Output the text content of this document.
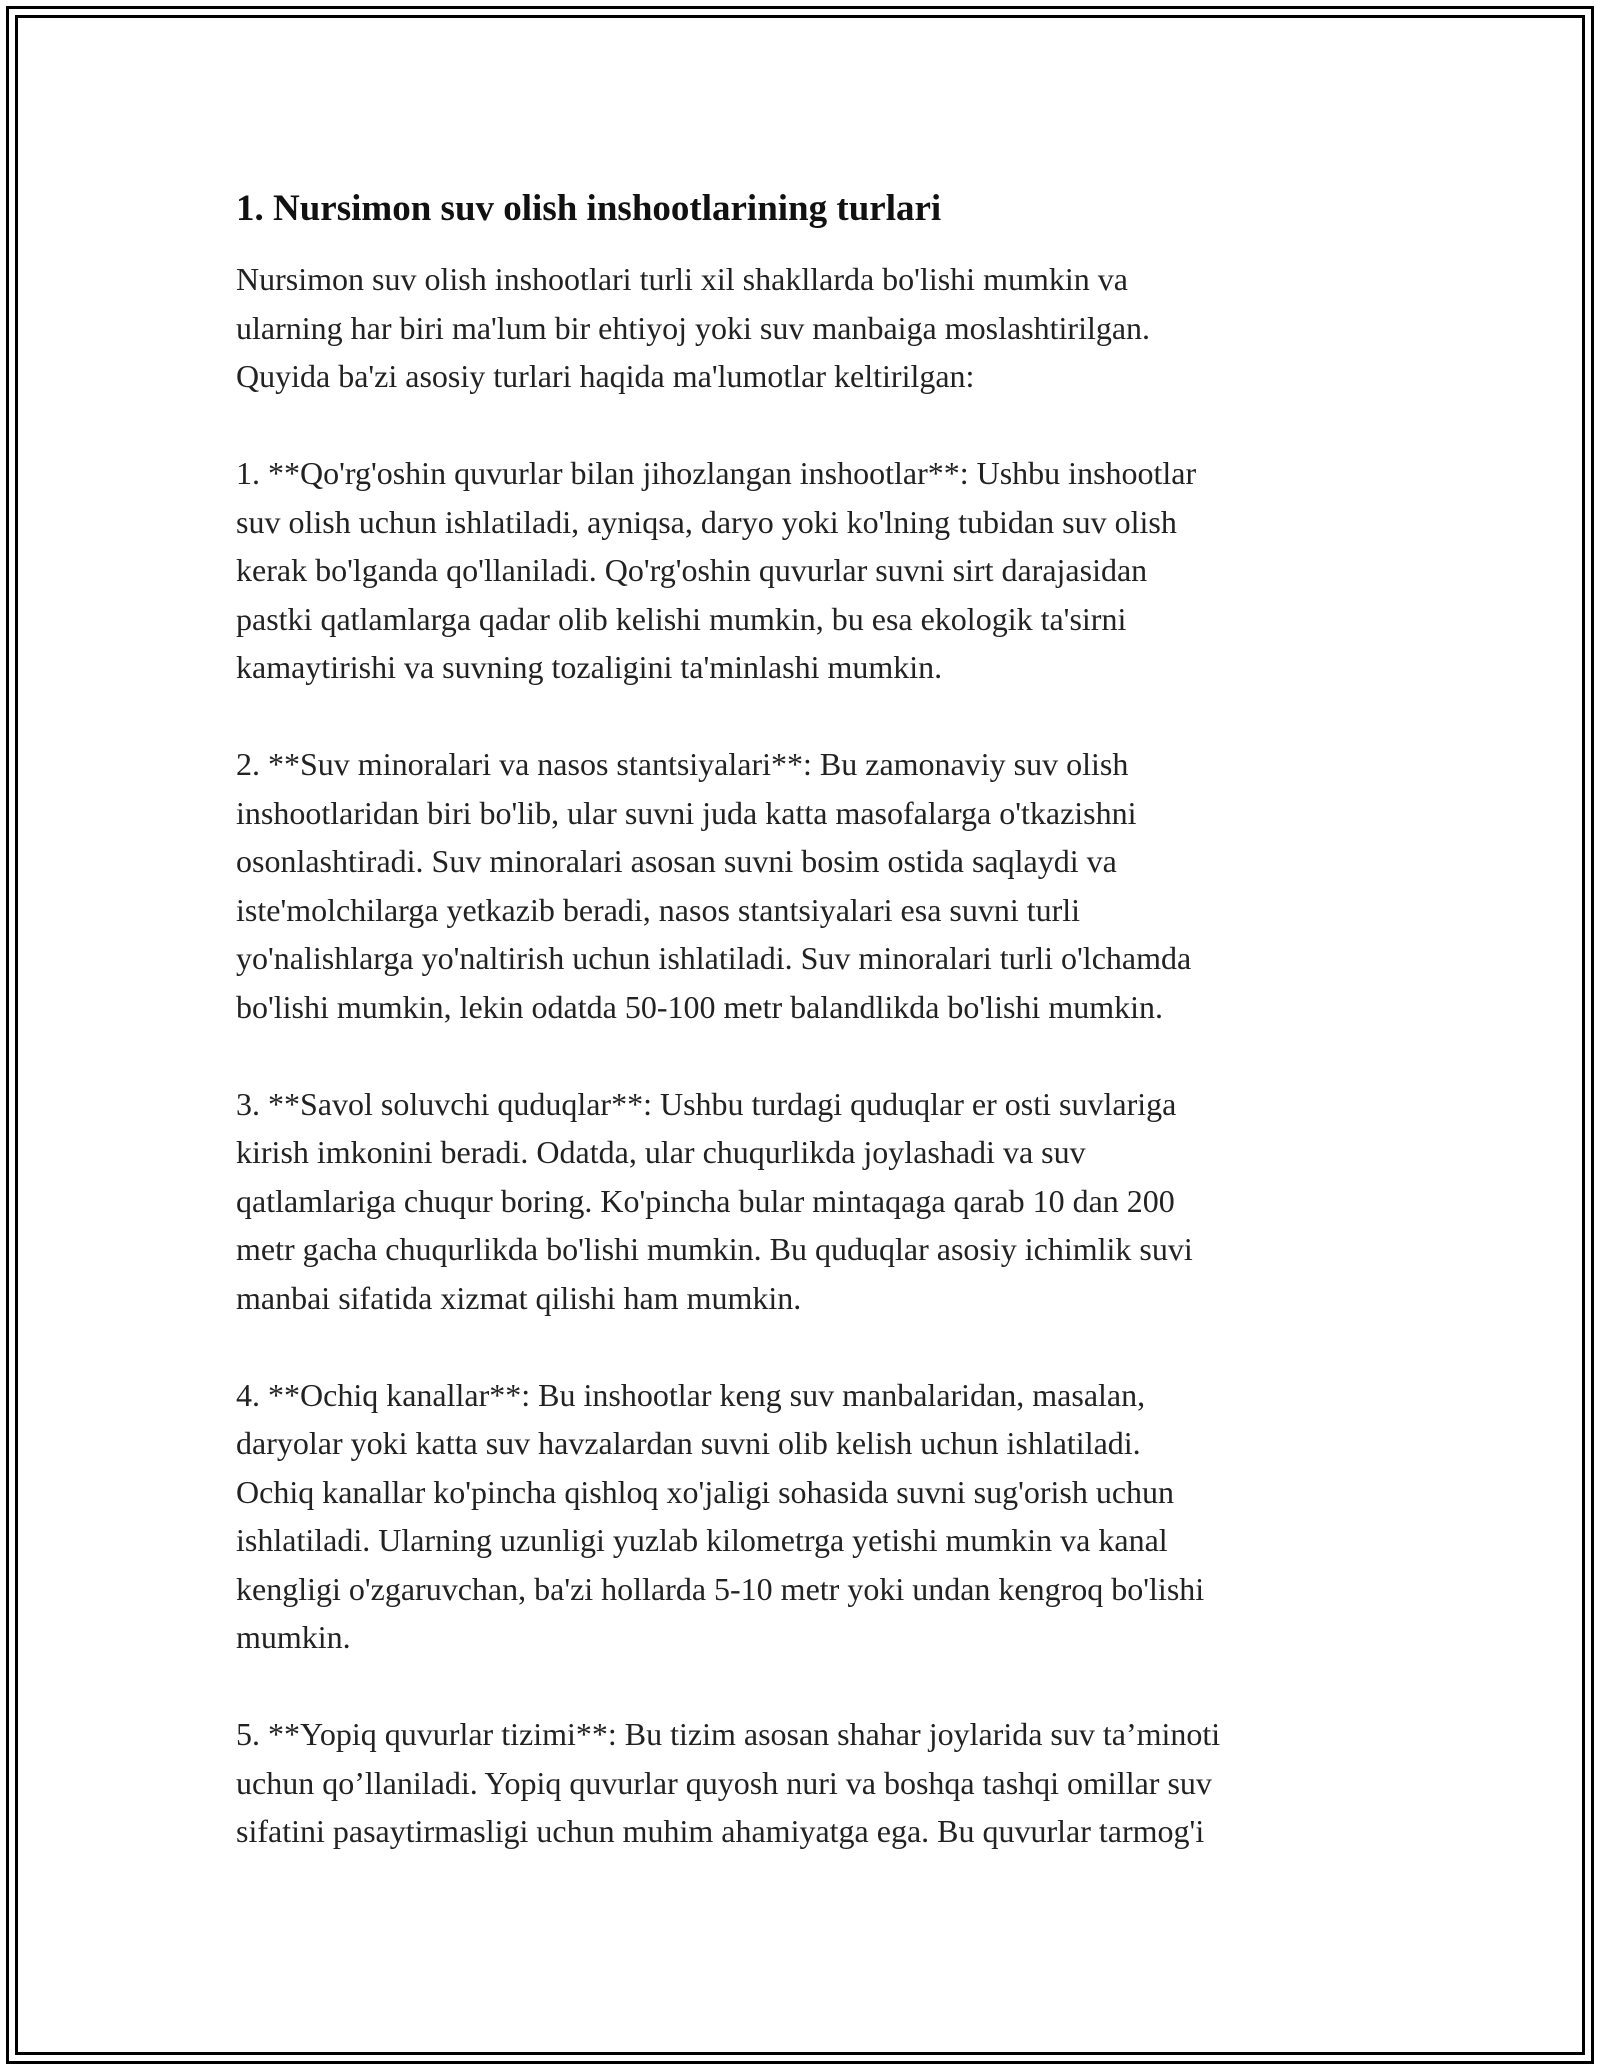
1. Nursimon suv olish inshootlarining turlari

Nursimon suv olish inshootlari turli xil shakllarda bo'lishi mumkin va
ularning har biri ma'lum bir ehtiyoj yoki suv manbaiga moslashtirilgan.
Quyida ba'zi asosiy turlari haqida ma'lumotlar keltirilgan:

1. **Qo'rg'oshin quvurlar bilan jihozlangan inshootlar**: Ushbu inshootlar
suv olish uchun ishlatiladi, ayniqsa, daryo yoki ko'lning tubidan suv olish
kerak bo'lganda qo'llaniladi. Qo'rg'oshin quvurlar suvni sirt darajasidan
pastki qatlamlarga qadar olib kelishi mumkin, bu esa ekologik ta'sirni
kamaytirishi va suvning tozaligini ta'minlashi mumkin.

2. **Suv minoralari va nasos stantsiyalari**: Bu zamonaviy suv olish
inshootlaridan biri bo'lib, ular suvni juda katta masofalarga o'tkazishni
osonlashtiradi. Suv minoralari asosan suvni bosim ostida saqlaydi va
iste'molchilarga yetkazib beradi, nasos stantsiyalari esa suvni turli
yo'nalishlarga yo'naltirish uchun ishlatiladi. Suv minoralari turli o'lchamda
bo'lishi mumkin, lekin odatda 50-100 metr balandlikda bo'lishi mumkin.

3. **Savol soluvchi quduqlar**: Ushbu turdagi quduqlar er osti suvlariga
kirish imkonini beradi. Odatda, ular chuqurlikda joylashadi va suv
qatlamlariga chuqur boring. Ko'pincha bular mintaqaga qarab 10 dan 200
metr gacha chuqurlikda bo'lishi mumkin. Bu quduqlar asosiy ichimlik suvi
manbai sifatida xizmat qilishi ham mumkin.

4. **Ochiq kanallar**: Bu inshootlar keng suv manbalaridan, masalan,
daryolar yoki katta suv havzalardan suvni olib kelish uchun ishlatiladi.
Ochiq kanallar ko'pincha qishloq xo'jaligi sohasida suvni sug'orish uchun
ishlatiladi. Ularning uzunligi yuzlab kilometrga yetishi mumkin va kanal
kengligi o'zgaruvchan, ba'zi hollarda 5-10 metr yoki undan kengroq bo'lishi
mumkin.

5. **Yopiq quvurlar tizimi**: Bu tizim asosan shahar joylarida suv ta’minoti
uchun qo’llaniladi. Yopiq quvurlar quyosh nuri va boshqa tashqi omillar suv
sifatini pasaytirmasligi uchun muhim ahamiyatga ega. Bu quvurlar tarmog'i
